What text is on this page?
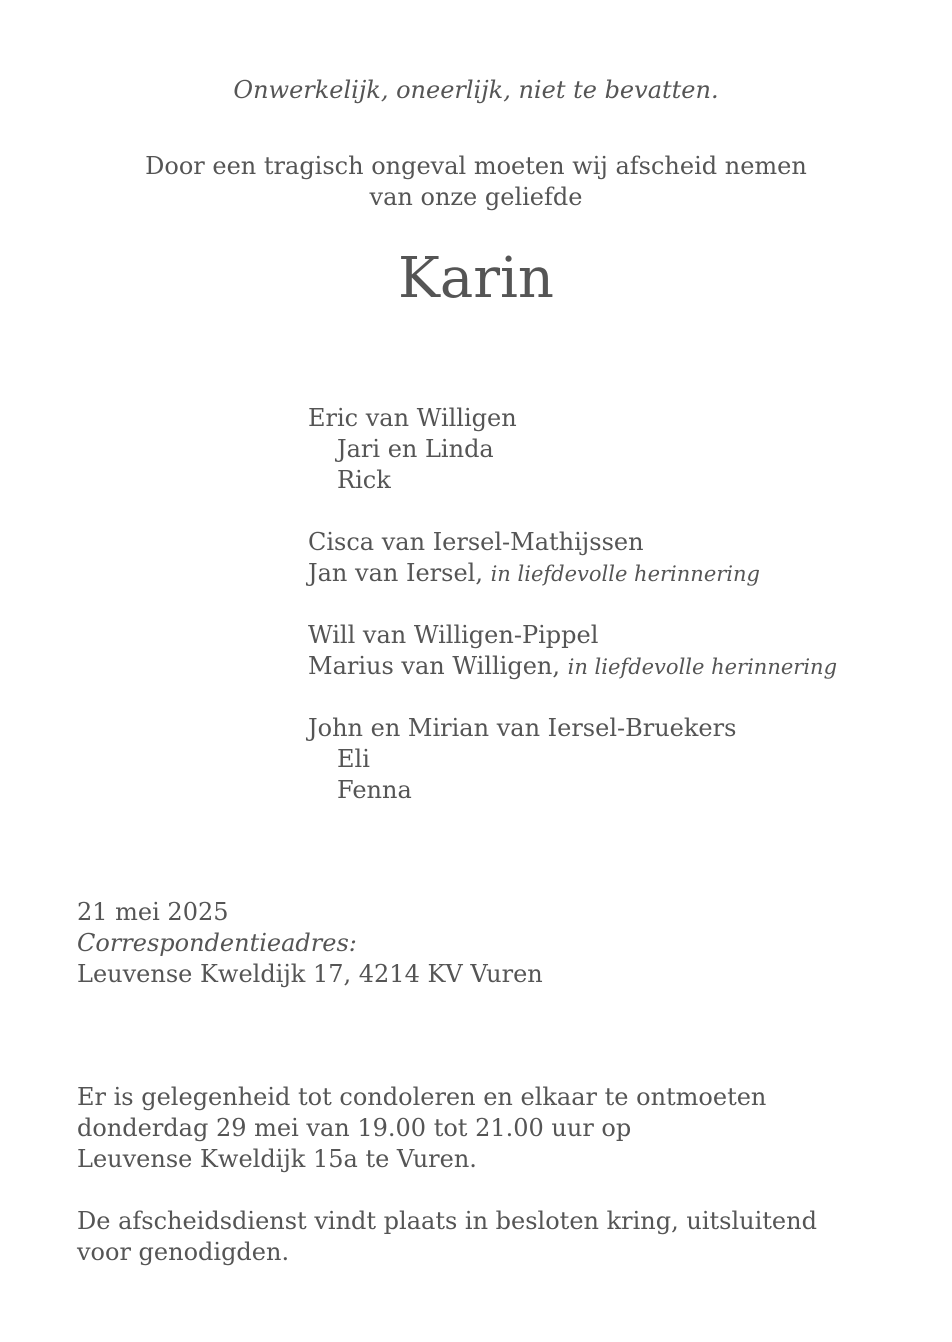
Onwerkelijk, oneerlijk, niet te bevatten.
Door een tragisch ongeval moeten wij afscheid nemen
van onze geliefde
Karin
Eric van Willigen
Jari en Linda
Rick
Cisca van Iersel-Mathijssen
Jan van Iersel, in liefdevolle herinnering
Will van Willigen-Pippel
Marius van Willigen, in liefdevolle herinnering
John en Mirian van Iersel-Bruekers
Eli
Fenna
21 mei 2025
Correspondentieadres:
Leuvense Kweldijk 17, 4214 KV Vuren
Er is gelegenheid tot condoleren en elkaar te ontmoeten
donderdag 29 mei van 19.00 tot 21.00 uur op
Leuvense Kweldijk 15a te Vuren.
De afscheidsdienst vindt plaats in besloten kring, uitsluitend voor genodigden.
